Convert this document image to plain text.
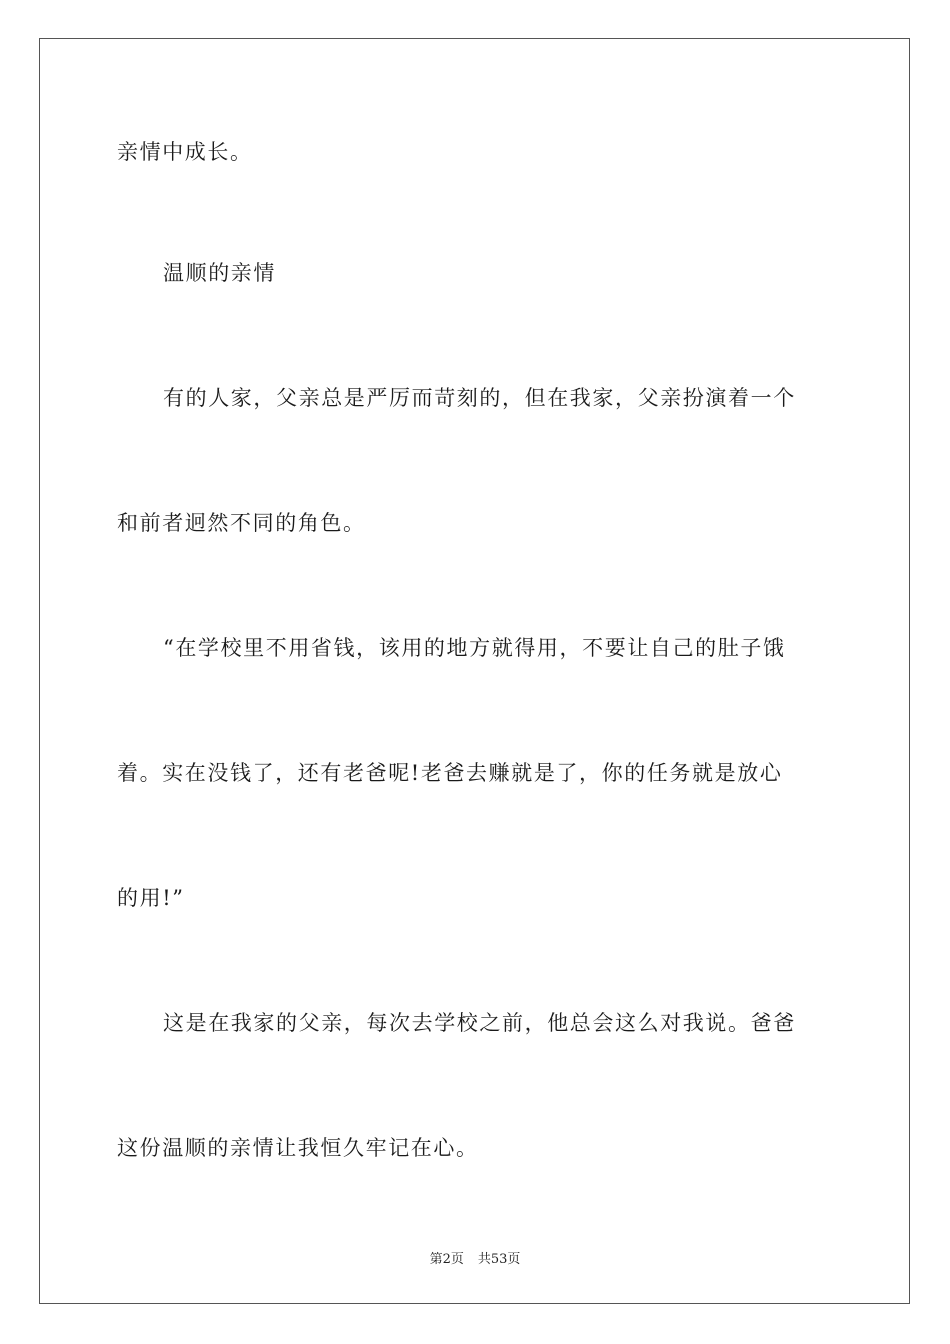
亲情中成长。
温顺的亲情
有的人家，父亲总是严厉而苛刻的，但在我家，父亲扮演着一个
和前者迥然不同的角色。
“在学校里不用省钱，该用的地方就得用，不要让自己的肚子饿
着。实在没钱了，还有老爸呢!老爸去赚就是了，你的任务就是放心
的用!”
这是在我家的父亲，每次去学校之前，他总会这么对我说。爸爸
这份温顺的亲情让我恒久牢记在心。
第2页 共53页
